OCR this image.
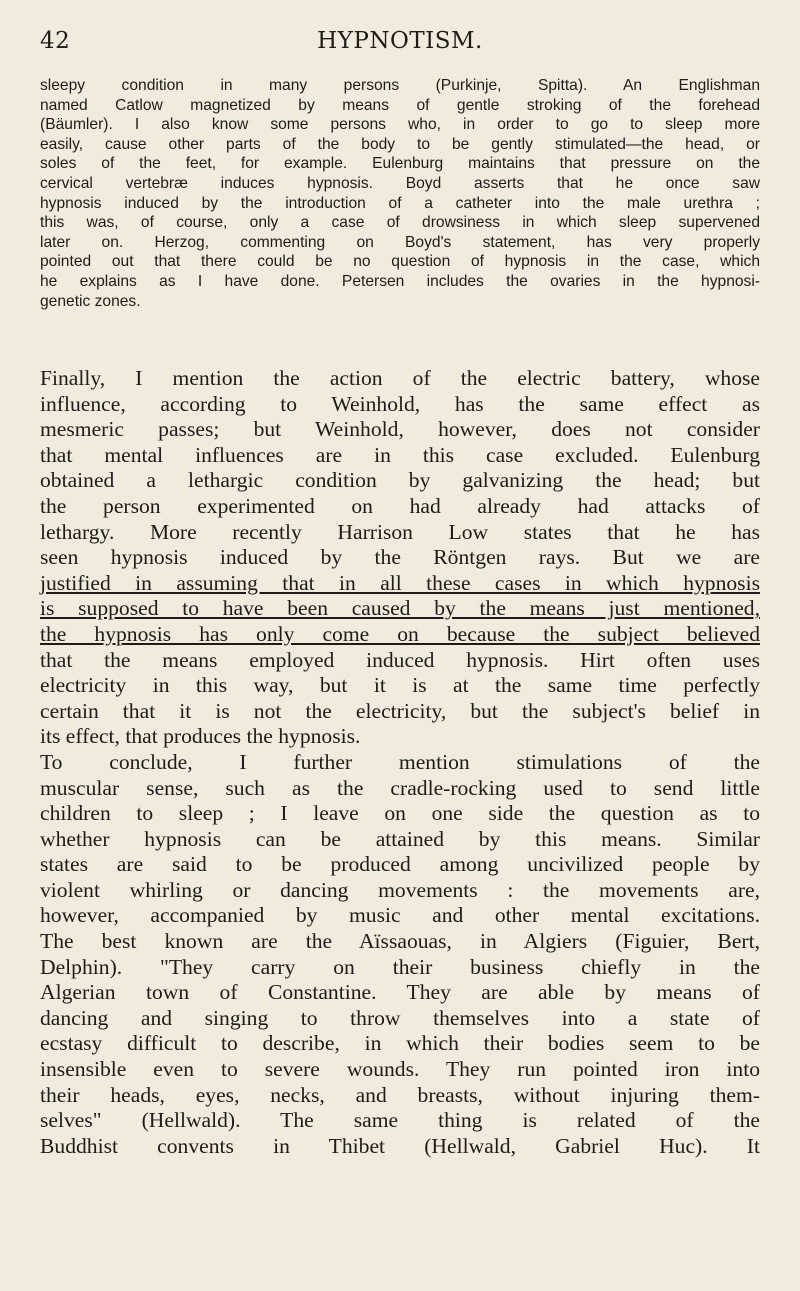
42	HYPNOTISM.
sleepy condition in many persons (Purkinje, Spitta). An Englishman
named Catlow magnetized by means of gentle stroking of the forehead
(Bäumler). I also know some persons who, in order to go to sleep more
easily, cause other parts of the body to be gently stimulated—the head, or
soles of the feet, for example. Eulenburg maintains that pressure on the
cervical vertebræ induces hypnosis. Boyd asserts that he once saw
hypnosis induced by the introduction of a catheter into the male urethra ;
this was, of course, only a case of drowsiness in which sleep supervened
later on. Herzog, commenting on Boyd's statement, has very properly
pointed out that there could be no question of hypnosis in the case, which
he explains as I have done. Petersen includes the ovaries in the hypnosi-
genetic zones.
Finally, I mention the action of the electric battery, whose
influence, according to Weinhold, has the same effect as
mesmeric passes; but Weinhold, however, does not consider
that mental influences are in this case excluded. Eulenburg
obtained a lethargic condition by galvanizing the head; but
the person experimented on had already had attacks of
lethargy. More recently Harrison Low states that he has
seen hypnosis induced by the Röntgen rays. But we are
justified in assuming that in all these cases in which hypnosis
is supposed to have been caused by the means just mentioned,
the hypnosis has only come on because the subject believed
that the means employed induced hypnosis. Hirt often uses
electricity in this way, but it is at the same time perfectly
certain that it is not the electricity, but the subject's belief in
its effect, that produces the hypnosis.
To conclude, I further mention stimulations of the
muscular sense, such as the cradle-rocking used to send little
children to sleep ; I leave on one side the question as to
whether hypnosis can be attained by this means. Similar
states are said to be produced among uncivilized people by
violent whirling or dancing movements : the movements are,
however, accompanied by music and other mental excitations.
The best known are the Aïssaouas, in Algiers (Figuier, Bert,
Delphin). "They carry on their business chiefly in the
Algerian town of Constantine. They are able by means of
dancing and singing to throw themselves into a state of
ecstasy difficult to describe, in which their bodies seem to be
insensible even to severe wounds. They run pointed iron into
their heads, eyes, necks, and breasts, without injuring them-
selves" (Hellwald). The same thing is related of the
Buddhist convents in Thibet (Hellwald, Gabriel Huc). It
